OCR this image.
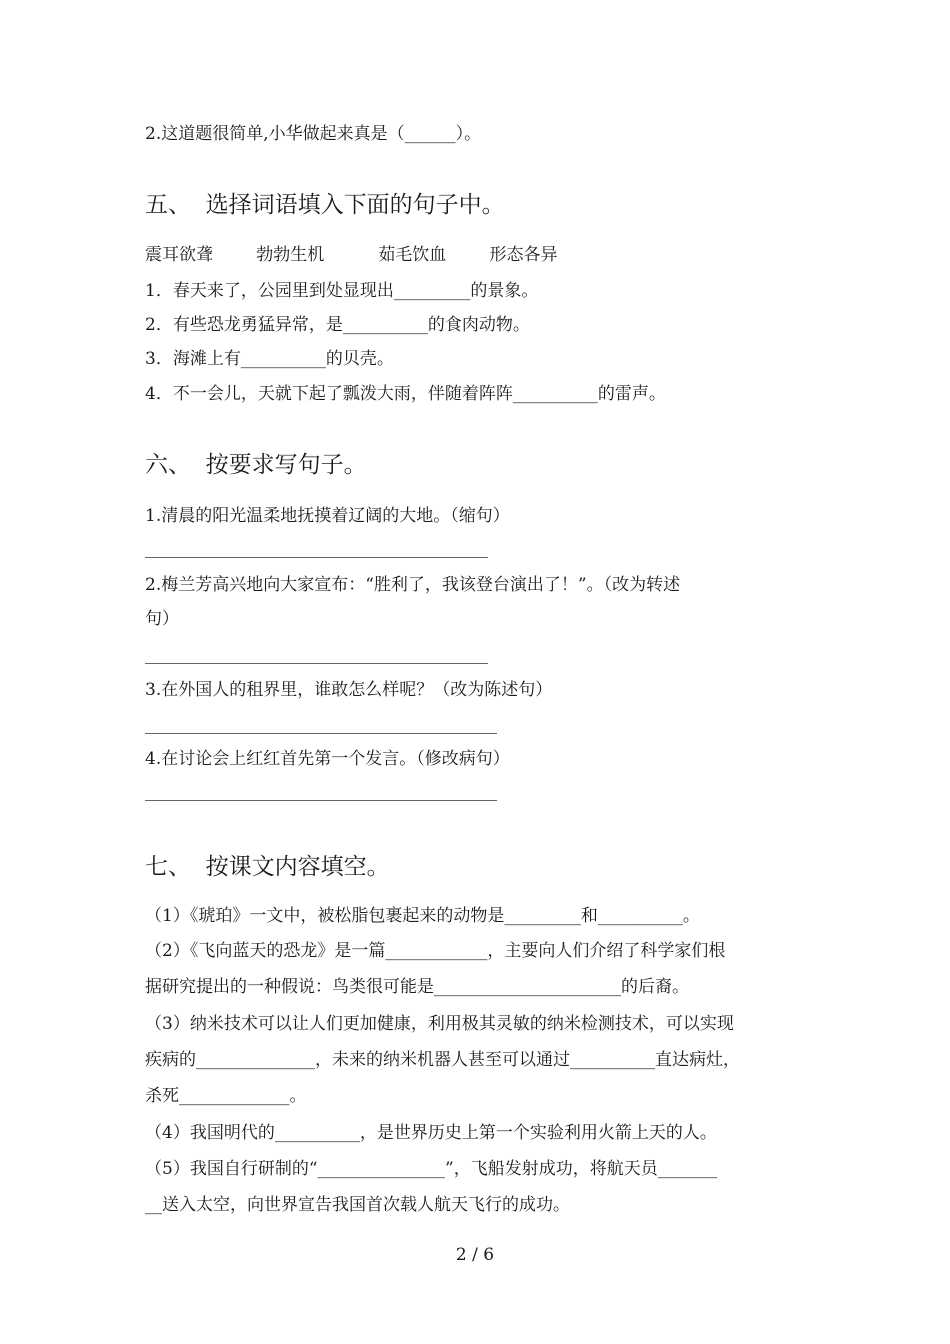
2.这道题很简单,小华做起来真是（______）。
五、  选择词语填入下面的句子中。
震耳欲聋        勃勃生机          茹毛饮血        形态各异
1．春天来了，公园里到处显现出_________的景象。
2．有些恐龙勇猛异常，是__________的食肉动物。
3．海滩上有__________的贝壳。
4．不一会儿，天就下起了瓢泼大雨，伴随着阵阵__________的雷声。
六、  按要求写句子。
1.清晨的阳光温柔地抚摸着辽阔的大地。（缩句）
2.梅兰芳高兴地向大家宣布：“胜利了，我该登台演出了！”。（改为转述
句）
3.在外国人的租界里，谁敢怎么样呢？（改为陈述句）
4.在讨论会上红红首先第一个发言。（修改病句）
七、  按课文内容填空。
（1）《琥珀》一文中，被松脂包裹起来的动物是_________和__________。
（2）《飞向蓝天的恐龙》是一篇____________，主要向人们介绍了科学家们根
据研究提出的一种假说：鸟类很可能是______________________的后裔。
（3）纳米技术可以让人们更加健康，利用极其灵敏的纳米检测技术，可以实现
疾病的______________，未来的纳米机器人甚至可以通过__________直达病灶，
杀死_____________。
（4）我国明代的__________，是世界历史上第一个实验利用火箭上天的人。
（5）我国自行研制的“_______________”，飞船发射成功，将航天员_______
__送入太空，向世界宣告我国首次载人航天飞行的成功。
2 / 6
